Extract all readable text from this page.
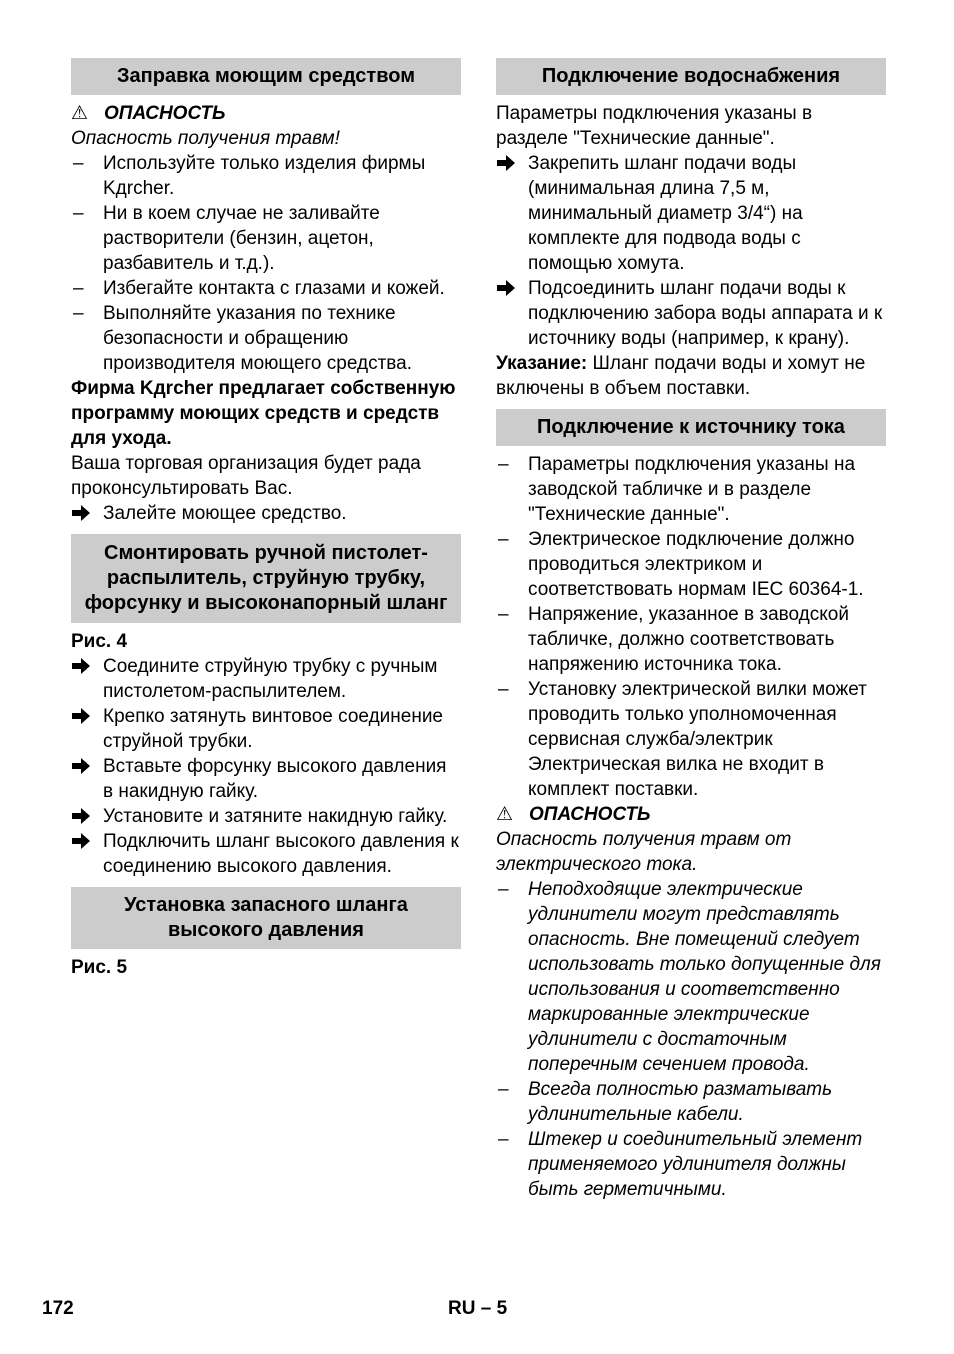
Заправка моющим средством
⚠ ОПАСНОСТЬ
Опасность получения травм!
–	Используйте только изделия фирмы Kдrcher.
–	Ни в коем случае не заливайте растворители (бензин, ацетон, разбавитель и т.д.).
–	Избегайте контакта с глазами и кожей.
–	Выполняйте указания по технике безопасности и обращению производителя моющего средства.
Фирма Kдrcher предлагает собственную программу моющих средств и средств для ухода.
Ваша торговая организация будет рада проконсультировать Вас.
Залейте моющее средство.
Смонтировать ручной пистолет-распылитель, струйную трубку, форсунку и высоконапорный шланг
Рис. 4
Соедините струйную трубку с ручным пистолетом-распылителем.
Крепко затянуть винтовое соединение струйной трубки.
Вставьте форсунку высокого давления в накидную гайку.
Установите и затяните накидную гайку.
Подключить шланг высокого давления к соединению высокого давления.
Установка запасного шланга высокого давления
Рис. 5
Подключение водоснабжения
Параметры подключения указаны в разделе "Технические данные".
Закрепить шланг подачи воды (минимальная длина 7,5 м, минимальный диаметр 3/4“) на комплекте для подвода воды с помощью хомута.
Подсоединить шланг подачи воды к подключению забора воды аппарата и к источнику воды (например, к крану).
Указание: Шланг подачи воды и хомут не включены в объем поставки.
Подключение к источнику тока
–	Параметры подключения указаны на заводской табличке и в разделе "Технические данные".
–	Электрическое подключение должно проводиться электриком и соответствовать нормам IEC 60364-1.
–	Напряжение, указанное в заводской табличке, должно соответствовать напряжению источника тока.
–	Установку электрической вилки может проводить только уполномоченная сервисная служба/электрик Электрическая вилка не входит в комплект поставки.
⚠ ОПАСНОСТЬ
Опасность получения травм от электрического тока.
–	Неподходящие электрические удлинители могут представлять опасность. Вне помещений следует использовать только допущенные для использования и соответственно маркированные электрические удлинители с достаточным поперечным сечением провода.
–	Всегда полностью разматывать удлинительные кабели.
–	Штекер и соединительный элемент применяемого удлинителя должны быть герметичными.
172	RU – 5
